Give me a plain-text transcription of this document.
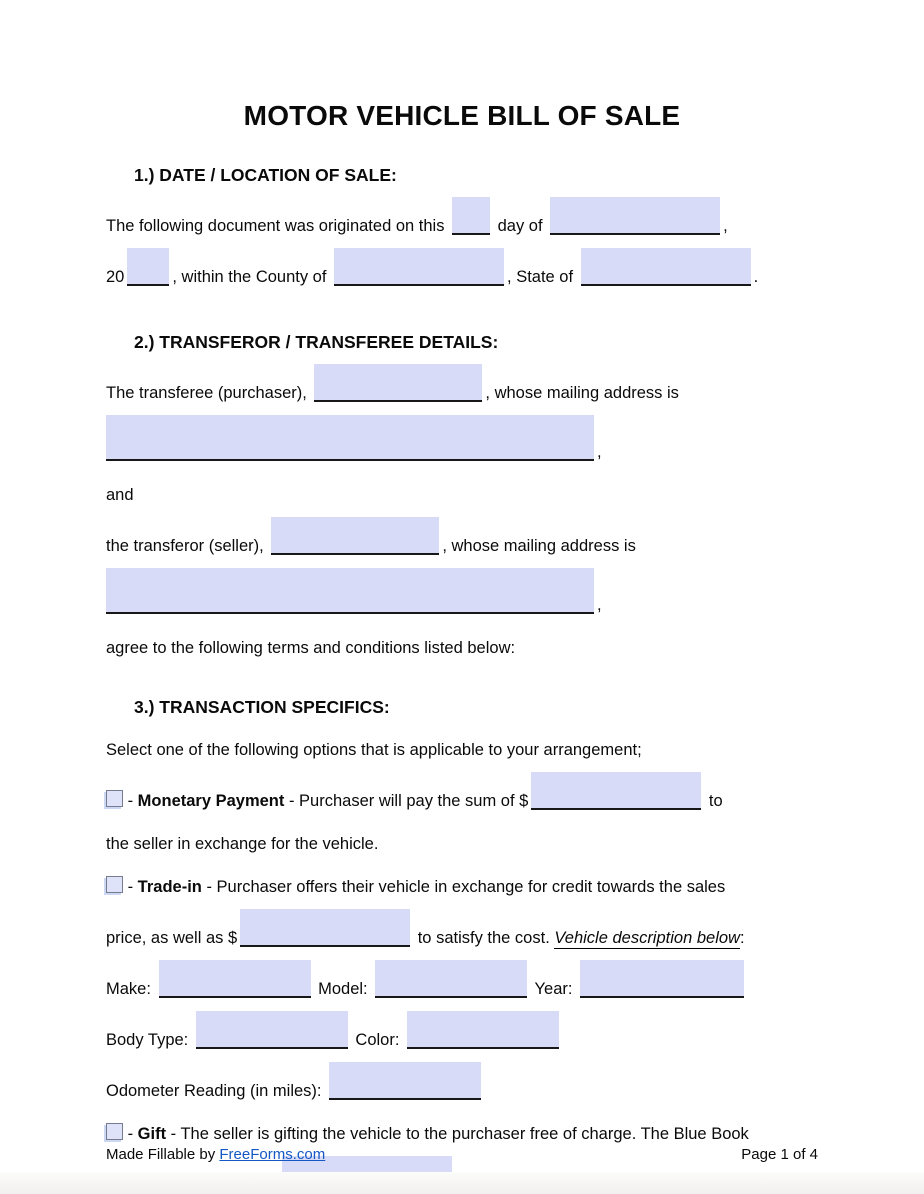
MOTOR VEHICLE BILL OF SALE
1.) DATE / LOCATION OF SALE:
The following document was originated on this	day of	,
20	, within the County of	, State of	.
2.) TRANSFEROR / TRANSFEREE DETAILS:
The transferee (purchaser),	, whose mailing address is
,
and
the transferor (seller),	, whose mailing address is
,
agree to the following terms and conditions listed below:
3.) TRANSACTION SPECIFICS:
Select one of the following options that is applicable to your arrangement;
- Monetary Payment - Purchaser will pay the sum of $	to
the seller in exchange for the vehicle.
- Trade-in - Purchaser offers their vehicle in exchange for credit towards the sales
price, as well as $	to satisfy the cost. Vehicle description below:
Make:	Model:	Year:
Body Type:	Color:
Odometer Reading (in miles):
- Gift - The seller is gifting the vehicle to the purchaser free of charge. The Blue Book
Made Fillable by FreeForms.com	Page 1 of 4
